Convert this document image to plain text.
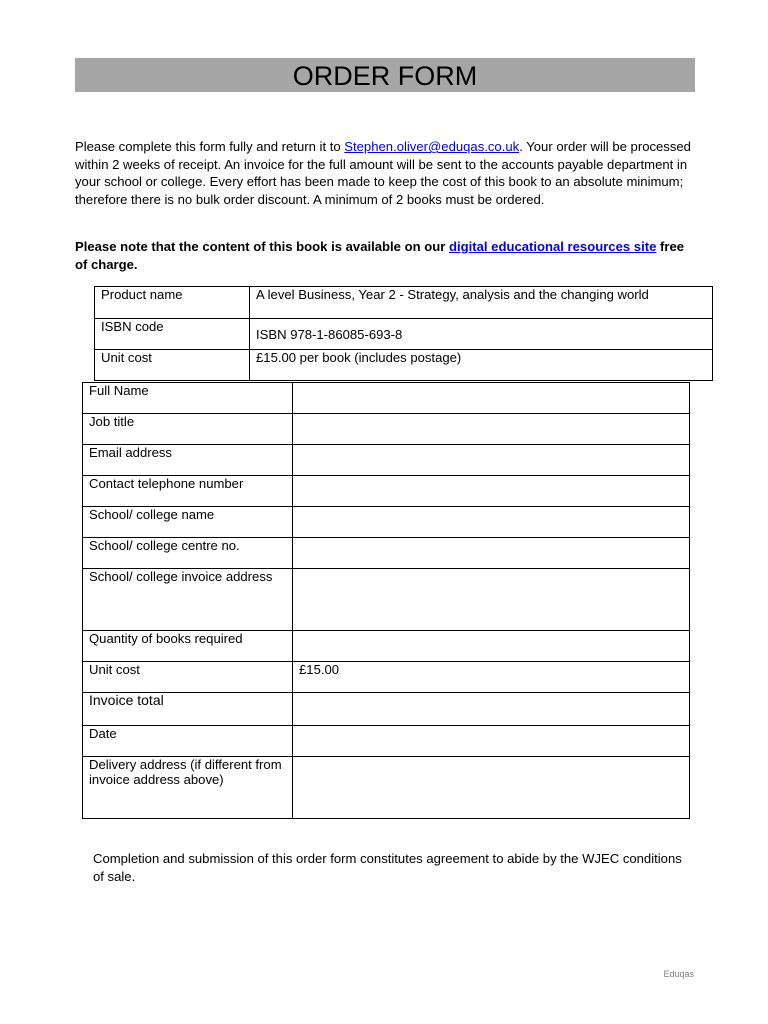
ORDER FORM

Please complete this form fully and return it to Stephen.oliver@eduqas.co.uk. Your order will be processed within 2 weeks of receipt. An invoice for the full amount will be sent to the accounts payable department in your school or college. Every effort has been made to keep the cost of this book to an absolute minimum; therefore there is no bulk order discount. A minimum of 2 books must be ordered.

Please note that the content of this book is available on our digital educational resources site free of charge.

Product name	A level Business, Year 2 - Strategy, analysis and the changing world
ISBN code	ISBN 978-1-86085-693-8
Unit cost	£15.00 per book (includes postage)
Full Name	
Job title	
Email address	
Contact telephone number	
School/ college name	
School/ college centre no.	
School/ college invoice address	
Quantity of books required	
Unit cost	£15.00
Invoice total	
Date	
Delivery address (if different from invoice address above)	

Completion and submission of this order form constitutes agreement to abide by the WJEC conditions of sale.

Eduqas
